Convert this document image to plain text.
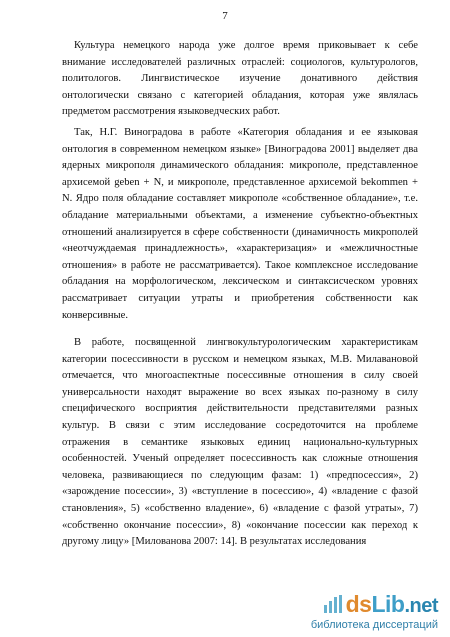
7
Культура немецкого народа уже долгое время приковывает к себе
внимание исследователей различных отраслей: социологов, культурологов,
политологов. Лингвистическое изучение донативного действия
онтологически связано с категорией обладания, которая уже являлась
предметом рассмотрения языковедческих работ.
Так, Н.Г. Виноградова в работе «Категория обладания и ее языковая
онтология в современном немецком языке» [Виноградова 2001] выделяет два
ядерных микрополя динамического обладания: микрополе, представленное
архисемой geben + N, и микрополе, представленное архисемой bekommen +
N. Ядро поля обладание составляет микрополе «собственное обладание», т.е.
обладание материальными объектами, а изменение субъектно-объектных
отношений анализируется в сфере собственности (динамичность микрополей
«неотчуждаемая принадлежность», «характеризация» и «межличностные
отношения» в работе не рассматривается). Такое комплексное исследование
обладания на морфологическом, лексическом и синтаксисческом уровнях
рассматривает ситуации утраты и приобретения собственности как
конверсивные.
В работе, посвященной лингвокультурологическим характеристикам
категории посессивности в русском и немецком языках, М.В. Милавановой
отмечается, что многоаспектные посессивные отношения в силу своей
универсальности находят выражение во всех языках по-разному в силу
специфического восприятия действительности представителями разных
культур. В связи с этим исследование сосредоточится на проблеме
отражения в семантике языковых единиц национально-культурных
особенностей. Ученый определяет посессивность как сложные отношения
человека, развивающиеся по следующим фазам: 1) «предпосессия», 2)
«зарождение посессии», 3) «вступление в посессию», 4) «владение с фазой
становления», 5) «собственно владение», 6) «владение с фазой утраты», 7)
«собственно окончание посессии», 8) «окончание посессии как переход к
другому лицу» [Милованова 2007: 14]. В результатах исследования
dsLib.net
библиотека диссертаций
